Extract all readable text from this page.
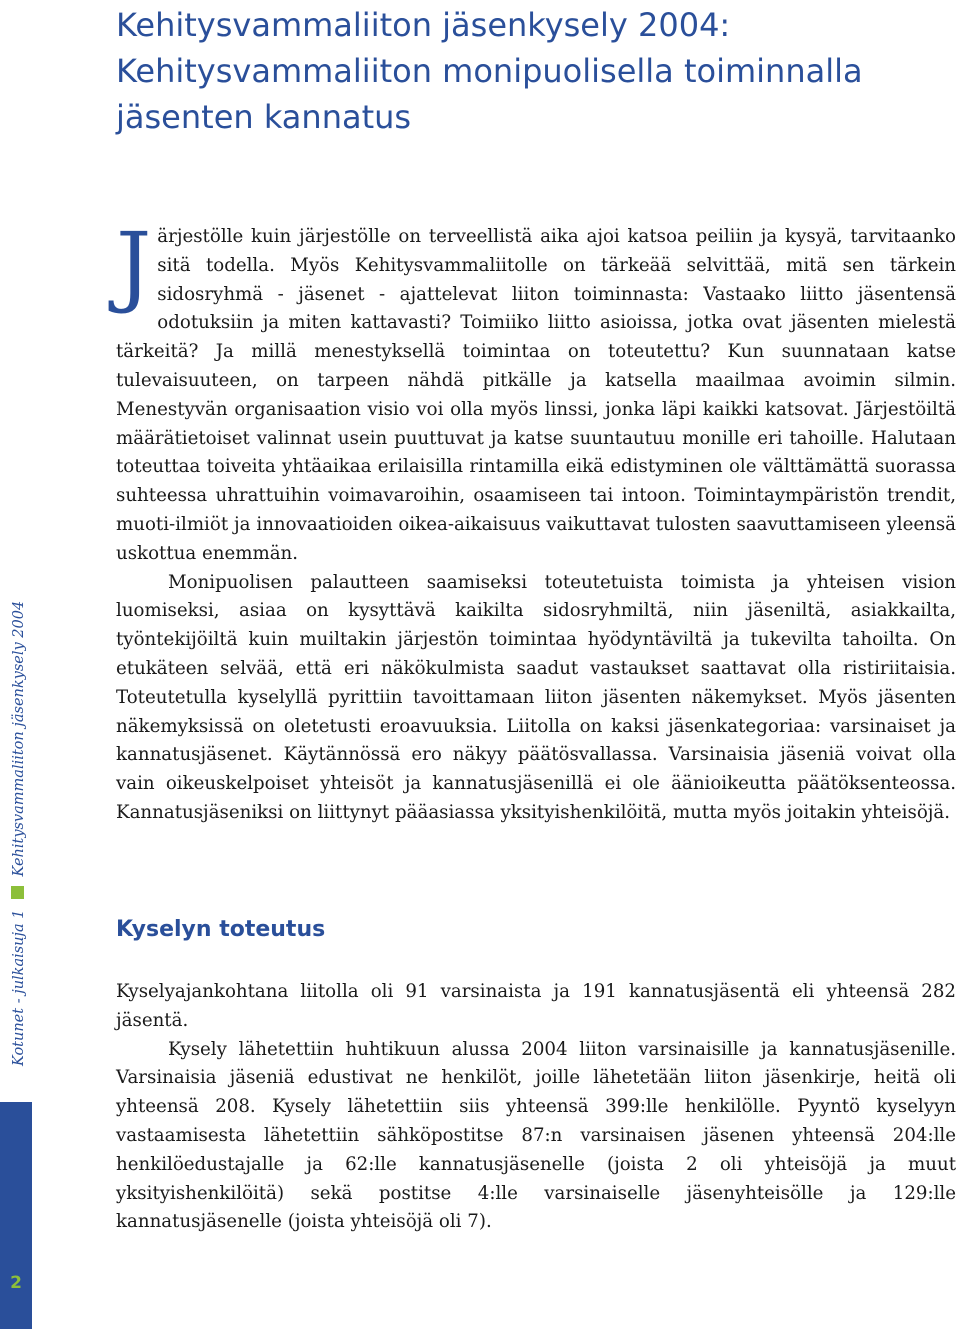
Kehitysvammaliiton jäsenkysely 2004:
Kehitysvammaliiton monipuolisella toiminnalla
jäsenten kannatus

Järjestölle kuin järjestölle on terveellistä aika ajoi katsoa peiliin ja kysyä, tarvitaanko sitä todella. Myös Kehitysvammaliitolle on tärkeää selvittää, mitä sen tärkein sidosryhmä - jäsenet - ajattelevat liiton toiminnasta: Vastaako liitto jäsentensä odotuksiin ja miten kattavasti? Toimiiko liitto asioissa, jotka ovat jäsenten mielestä tärkeitä? Ja millä menestyksellä toimintaa on toteutettu? Kun suunnataan katse tulevaisuuteen, on tarpeen nähdä pitkälle ja katsella maailmaa avoimin silmin. Menestyvän organisaation visio voi olla myös linssi, jonka läpi kaikki katsovat. Järjestöiltä määrätietoiset valinnat usein puuttuvat ja katse suuntautuu monille eri tahoille. Halutaan toteuttaa toiveita yhtäaikaa erilaisilla rintamilla eikä edistyminen ole välttämättä suorassa suhteessa uhrattuihin voimavaroihin, osaamiseen tai intoon. Toimintaympäristön trendit, muoti-ilmiöt ja innovaatioiden oikea-aikaisuus vaikuttavat tulosten saavuttamiseen yleensä uskottua enemmän.

Monipuolisen palautteen saamiseksi toteutetuista toimista ja yhteisen vision luomiseksi, asiaa on kysyttävä kaikilta sidosryhmiltä, niin jäseniltä, asiakkailta, työntekijöiltä kuin muiltakin järjestön toimintaa hyödyntäviltä ja tukevilta tahoilta. On etukäteen selvää, että eri näkökulmista saadut vastaukset saattavat olla ristiriitaisia. Toteutetulla kyselyllä pyrittiin tavoittamaan liiton jäsenten näkemykset. Myös jäsenten näkemyksissä on oletetusti eroavuuksia. Liitolla on kaksi jäsenkategoriaa: varsinaiset ja kannatusjäsenet. Käytännössä ero näkyy päätösvallassa. Varsinaisia jäseniä voivat olla vain oikeuskelpoiset yhteisöt ja kannatusjäsenillä ei ole äänioikeutta päätöksenteossa. Kannatusjäseniksi on liittynyt pääasiassa yksityishenkilöitä, mutta myös joitakin yhteisöjä.

Kyselyn toteutus

Kyselyajankohtana liitolla oli 91 varsinaista ja 191 kannatusjäsentä eli yhteensä 282 jäsentä.

Kysely lähetettiin huhtikuun alussa 2004 liiton varsinaisille ja kannatusjäsenille. Varsinaisia jäseniä edustivat ne henkilöt, joille lähetetään liiton jäsenkirje, heitä oli yhteensä 208. Kysely lähetettiin siis yhteensä 399:lle henkilölle. Pyyntö kyselyyn vastaamisesta lähetettiin sähköpostitse 87:n varsinaisen jäsenen yhteensä 204:lle henkilöedustajalle ja 62:lle kannatusjäsenelle (joista 2 oli yhteisöjä ja muut yksityishenkilöitä) sekä postitse 4:lle varsinaiselle jäsenyhteisölle ja 129:lle kannatusjäsenelle (joista yhteisöjä oli 7).

Kotunet - julkaisuja 1Kehitysvammaliiton jäsenkysely 2004
2
